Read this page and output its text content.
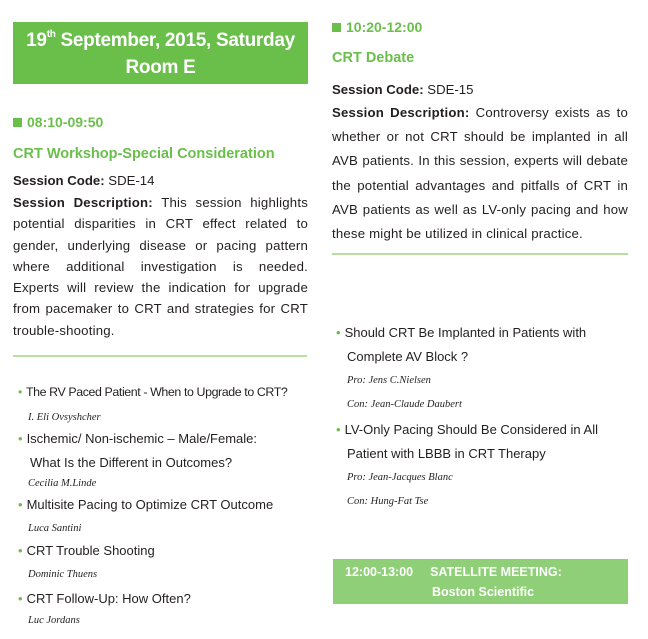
19th September, 2015, Saturday
Room E
08:10-09:50
CRT Workshop-Special Consideration
Session Code: SDE-14
Session Description: This session highlights potential disparities in CRT effect related to gender, underlying disease or pacing pattern where additional investigation is needed. Experts will review the indication for upgrade from pacemaker to CRT and strategies for CRT trouble-shooting.
• The RV Paced Patient - When to Upgrade to CRT?
I. Eli Ovsyshcher
• Ischemic/ Non-ischemic – Male/Female:
What Is the Different in Outcomes?
Cecilia M.Linde
• Multisite Pacing to Optimize CRT Outcome
Luca Santini
• CRT Trouble Shooting
Dominic Thuens
• CRT Follow-Up: How Often?
Luc Jordans
10:20-12:00
CRT Debate
Session Code: SDE-15
Session Description: Controversy exists as to whether or not CRT should be implanted in all AVB patients. In this session, experts will debate the potential advantages and pitfalls of CRT in AVB patients as well as LV-only pacing and how these might be utilized in clinical practice.
• Should CRT Be Implanted in Patients with
Complete AV Block ?
Pro: Jens C.Nielsen
Con: Jean-Claude Daubert
• LV-Only Pacing Should Be Considered in All
Patient with LBBB in CRT Therapy
Pro: Jean-Jacques Blanc
Con: Hung-Fat Tse
12:00-13:00 SATELLITE MEETING:
Boston Scientific
